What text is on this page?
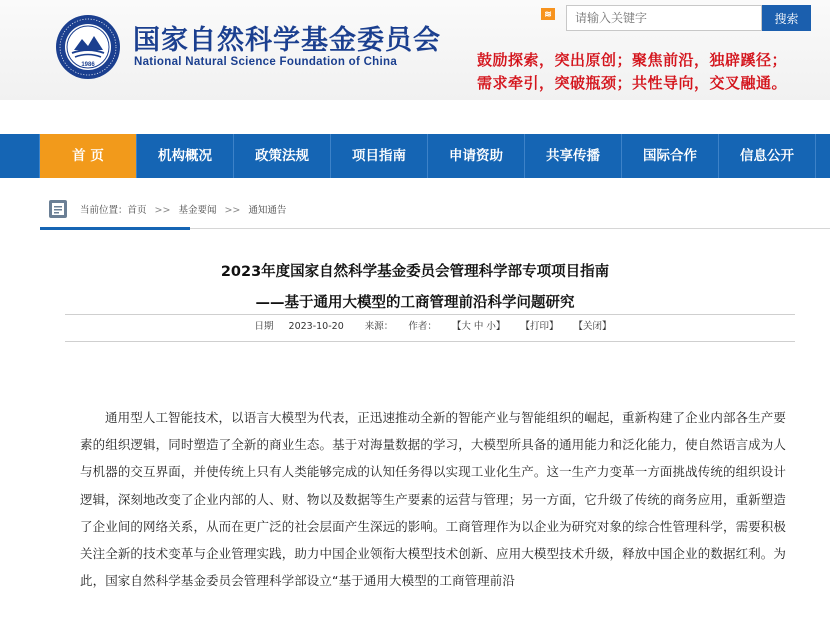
1986
国家自然科学基金委员会
National Natural Science Foundation of China
≋
请输入关键字	搜索
鼓励探索，突出原创；聚焦前沿，独辟蹊径；
需求牵引，突破瓶颈；共性导向，交叉融通。
首 页	机构概况	政策法规	项目指南	申请资助	共享传播	国际合作	信息公开
当前位置：首页 >> 基金要闻 >> 通知通告
2023年度国家自然科学基金委员会管理科学部专项项目指南
——基于通用大模型的工商管理前沿科学问题研究
日期 2023-10-20 来源： 作者： 【大 中 小】 【打印】 【关闭】
通用型人工智能技术，以语言大模型为代表，正迅速推动全新的智能产业与智能组织的崛起，重新构建了企业内部各生产要素的组织逻辑，同时塑造了全新的商业生态。基于对海量数据的学习，大模型所具备的通用能力和泛化能力，使自然语言成为人与机器的交互界面，并使传统上只有人类能够完成的认知任务得以实现工业化生产。这一生产力变革一方面挑战传统的组织设计逻辑，深刻地改变了企业内部的人、财、物以及数据等生产要素的运营与管理；另一方面，它升级了传统的商务应用，重新塑造了企业间的网络关系，从而在更广泛的社会层面产生深远的影响。工商管理作为以企业为研究对象的综合性管理科学，需要积极关注全新的技术变革与企业管理实践，助力中国企业领衔大模型技术创新、应用大模型技术升级，释放中国企业的数据红利。为此，国家自然科学基金委员会管理科学部设立“基于通用大模型的工商管理前沿
